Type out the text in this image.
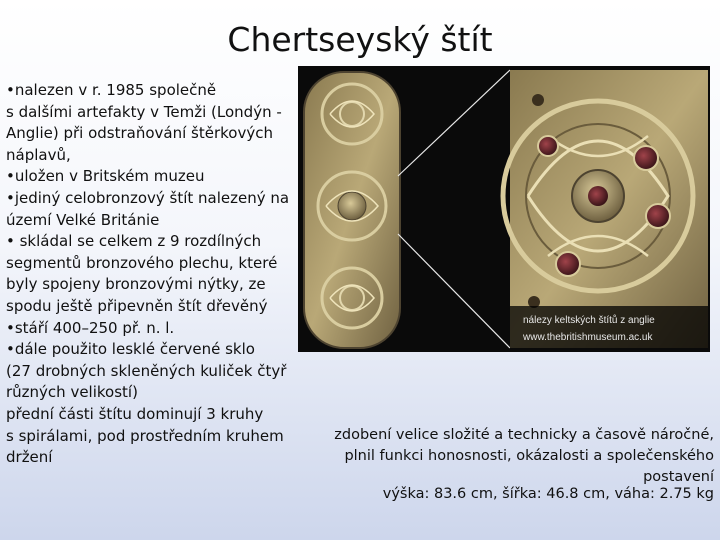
Chertseyský štít
•nalezen v r. 1985 společně
s dalšími artefakty v Temži (Londýn -
Anglie) při odstraňování štěrkových
náplavů,
•uložen v Britském muzeu
•jediný celobronzový štít nalezený na
území Velké Británie
• skládal se celkem z 9 rozdílných
segmentů bronzového plechu, které
byly spojeny bronzovými nýtky, ze
spodu ještě připevněn štít dřevěný
•stáří 400–250 př. n. l.
•dále použito lesklé červené sklo
(27 drobných skleněných kuliček čtyř
různých velikostí)
přední části štítu dominují 3 kruhy
s spirálami, pod prostředním kruhem
držení
nálezy keltských štítů z anglie
www.thebritishmuseum.ac.uk
zdobení velice složité a technicky a časově náročné,
plnil funkci honosnosti, okázalosti a společenského
postavení
výška: 83.6 cm, šířka: 46.8 cm, váha: 2.75 kg
